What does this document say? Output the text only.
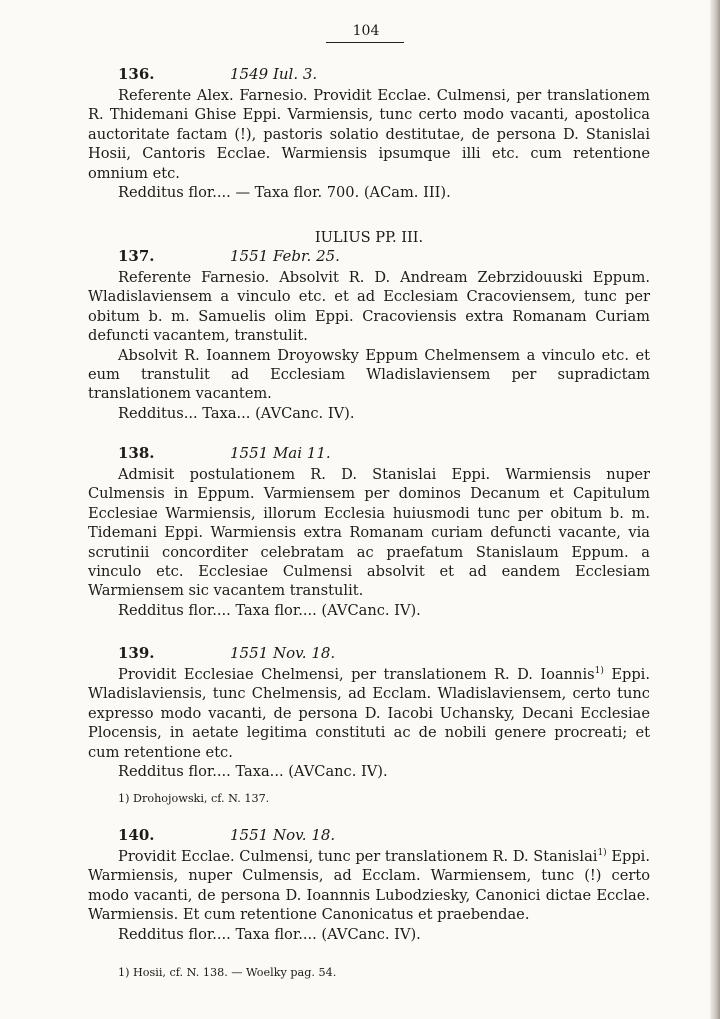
104
136.	1549 Iul. 3.

Referente Alex. Farnesio. Providit Ecclae. Culmensi, per translationem R. Thidemani Ghise Eppi. Varmiensis, tunc certo modo vacanti, apostolica auctoritate factam (!), pastoris solatio destitutae, de persona D. Stanislai Hosii, Cantoris Ecclae. Warmiensis ipsumque illi etc. cum retentione omnium etc.

Redditus flor.... — Taxa flor. 700. (ACam. III).

IULIUS PP. III.
137.	1551 Febr. 25.

Referente Farnesio. Absolvit R. D. Andream Zebrzidouuski Eppum. Wladislaviensem a vinculo etc. et ad Ecclesiam Cracoviensem, tunc per obitum b. m. Samuelis olim Eppi. Cracoviensis extra Romanam Curiam defuncti vacantem, transtulit.

Absolvit R. Ioannem Droyowsky Eppum Chelmensem a vinculo etc. et eum transtulit ad Ecclesiam Wladislaviensem per supradictam translationem vacantem.

Redditus... Taxa... (AVCanc. IV).

138.	1551 Mai 11.

Admisit postulationem R. D. Stanislai Eppi. Warmiensis nuper Culmensis in Eppum. Varmiensem per dominos Decanum et Capitulum Ecclesiae Warmiensis, illorum Ecclesia huiusmodi tunc per obitum b. m. Tidemani Eppi. Warmiensis extra Romanam curiam defuncti vacante, via scrutinii concorditer celebratam ac praefatum Stanislaum Eppum. a vinculo etc. Ecclesiae Culmensi absolvit et ad eandem Ecclesiam Warmiensem sic vacantem transtulit.

Redditus flor.... Taxa flor.... (AVCanc. IV).

139.	1551 Nov. 18.

Providit Ecclesiae Chelmensi, per translationem R. D. Ioannis$^{1)}$ Eppi. Wladislaviensis, tunc Chelmensis, ad Ecclam. Wladislaviensem, certo tunc expresso modo vacanti, de persona D. Iacobi Uchansky, Decani Ecclesiae Plocensis, in aetate legitima constituti ac de nobili genere procreati; et cum retentione etc.

Redditus flor.... Taxa... (AVCanc. IV).

1) Drohojowski, cf. N. 137.
140.	1551 Nov. 18.

Providit Ecclae. Culmensi, tunc per translationem R. D. Stanislai$^{1)}$ Eppi. Warmiensis, nuper Culmensis, ad Ecclam. Warmiensem, tunc (!) certo modo vacanti, de persona D. Ioannnis Lubodziesky, Canonici dictae Ecclae. Warmiensis. Et cum retentione Canonicatus et praebendae.

Redditus flor.... Taxa flor.... (AVCanc. IV).

1) Hosii, cf. N. 138. — Woelky pag. 54.
